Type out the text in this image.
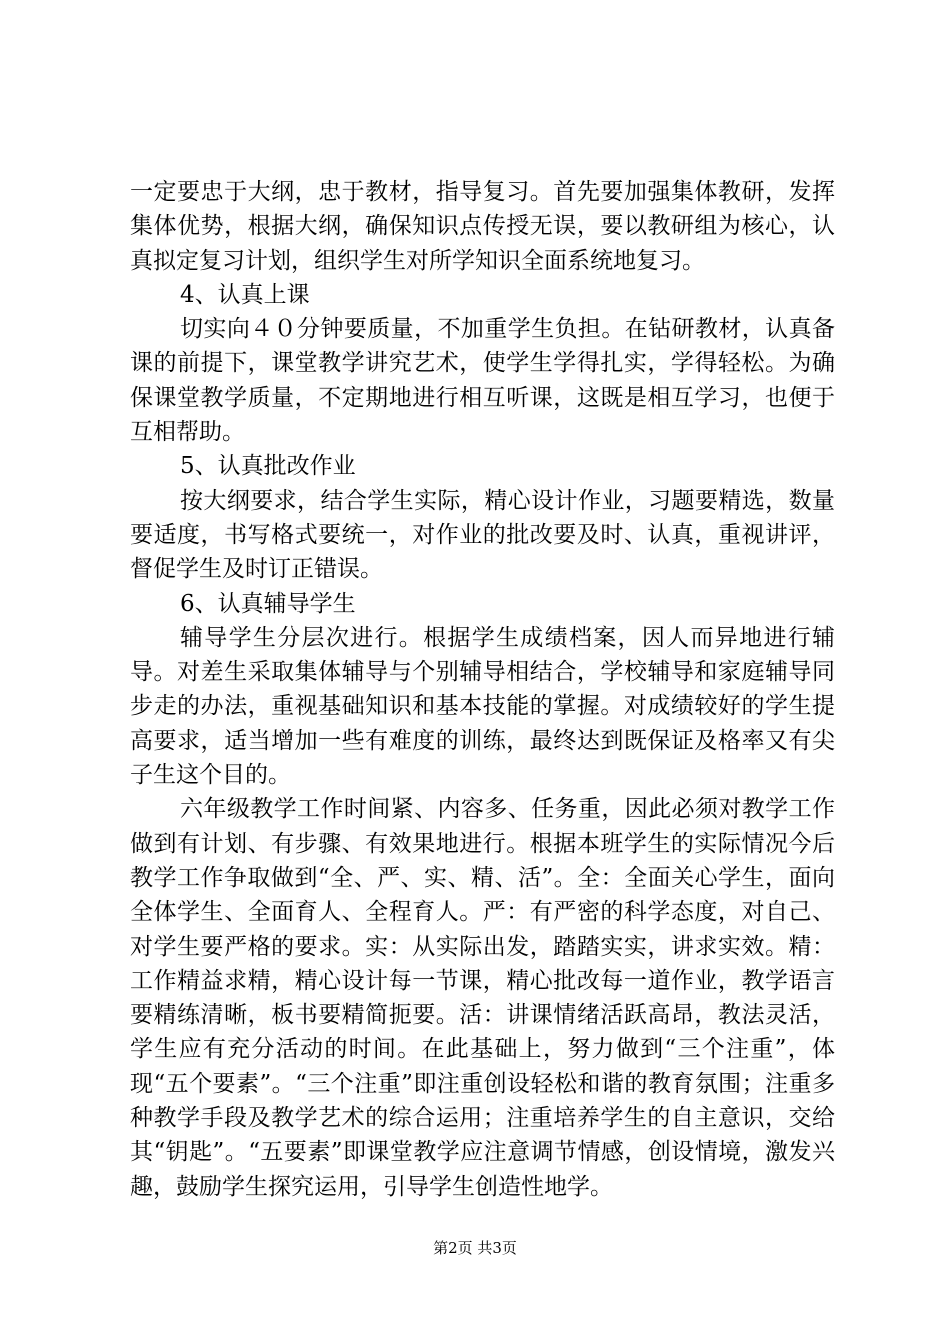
一定要忠于大纲，忠于教材，指导复习。首先要加强集体教研，发挥集体优势，根据大纲，确保知识点传授无误，要以教研组为核心，认真拟定复习计划，组织学生对所学知识全面系统地复习。

4、认真上课

切实向４０分钟要质量，不加重学生负担。在钻研教材，认真备课的前提下，课堂教学讲究艺术，使学生学得扎实，学得轻松。为确保课堂教学质量，不定期地进行相互听课，这既是相互学习，也便于互相帮助。

5、认真批改作业

按大纲要求，结合学生实际，精心设计作业，习题要精选，数量要适度，书写格式要统一，对作业的批改要及时、认真，重视讲评，督促学生及时订正错误。

6、认真辅导学生

辅导学生分层次进行。根据学生成绩档案，因人而异地进行辅导。对差生采取集体辅导与个别辅导相结合，学校辅导和家庭辅导同步走的办法，重视基础知识和基本技能的掌握。对成绩较好的学生提高要求，适当增加一些有难度的训练，最终达到既保证及格率又有尖子生这个目的。

六年级教学工作时间紧、内容多、任务重，因此必须对教学工作做到有计划、有步骤、有效果地进行。根据本班学生的实际情况今后教学工作争取做到“全、严、实、精、活”。全：全面关心学生，面向全体学生、全面育人、全程育人。严：有严密的科学态度，对自己、对学生要严格的要求。实：从实际出发，踏踏实实，讲求实效。精：工作精益求精，精心设计每一节课，精心批改每一道作业，教学语言要精练清晰，板书要精简扼要。活：讲课情绪活跃高昂，教法灵活，学生应有充分活动的时间。在此基础上，努力做到“三个注重”，体现“五个要素”。“三个注重”即注重创设轻松和谐的教育氛围；注重多种教学手段及教学艺术的综合运用；注重培养学生的自主意识，交给其“钥匙”。“五要素”即课堂教学应注意调节情感，创设情境，激发兴趣，鼓励学生探究运用，引导学生创造性地学。

第2页 共3页
